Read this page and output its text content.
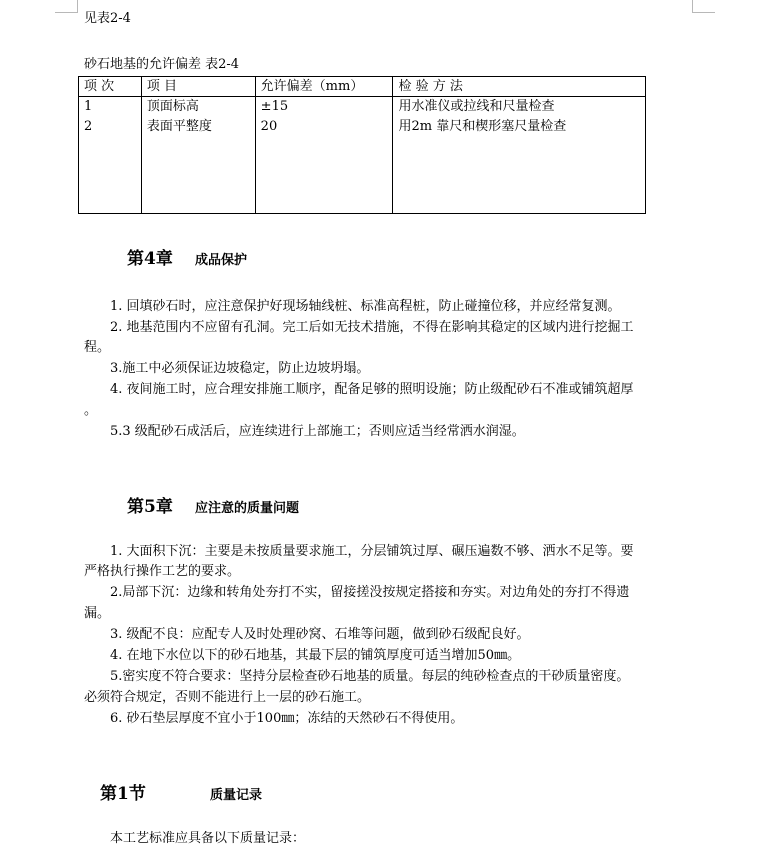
见表2-4
砂石地基的允许偏差 表2-4
项 次	项 目	允许偏差（mm）	检 验 方 法
1	顶面标高	±15	用水准仪或拉线和尺量检查
2	表面平整度	20	用2m 靠尺和楔形塞尺量检查

第4章 成品保护
1. 回填砂石时，应注意保护好现场轴线桩、标准高程桩，防止碰撞位移，并应经常复测。
2. 地基范围内不应留有孔洞。完工后如无技术措施，不得在影响其稳定的区域内进行挖掘工
程。
3.施工中必须保证边坡稳定，防止边坡坍塌。
4. 夜间施工时，应合理安排施工顺序，配备足够的照明设施；防止级配砂石不准或铺筑超厚
。
5.3 级配砂石成活后，应连续进行上部施工；否则应适当经常洒水润湿。
第5章 应注意的质量问题
1. 大面积下沉：主要是未按质量要求施工，分层铺筑过厚、碾压遍数不够、洒水不足等。要
严格执行操作工艺的要求。
2.局部下沉：边缘和转角处夯打不实，留接搓没按规定搭接和夯实。对边角处的夯打不得遗
漏。
3. 级配不良：应配专人及时处理砂窝、石堆等问题，做到砂石级配良好。
4. 在地下水位以下的砂石地基，其最下层的铺筑厚度可适当增加50㎜。
5.密实度不符合要求：坚持分层检查砂石地基的质量。每层的纯砂检查点的干砂质量密度。
必须符合规定，否则不能进行上一层的砂石施工。
6. 砂石垫层厚度不宜小于100㎜；冻结的天然砂石不得使用。
第1节	质量记录
本工艺标准应具备以下质量记录：
